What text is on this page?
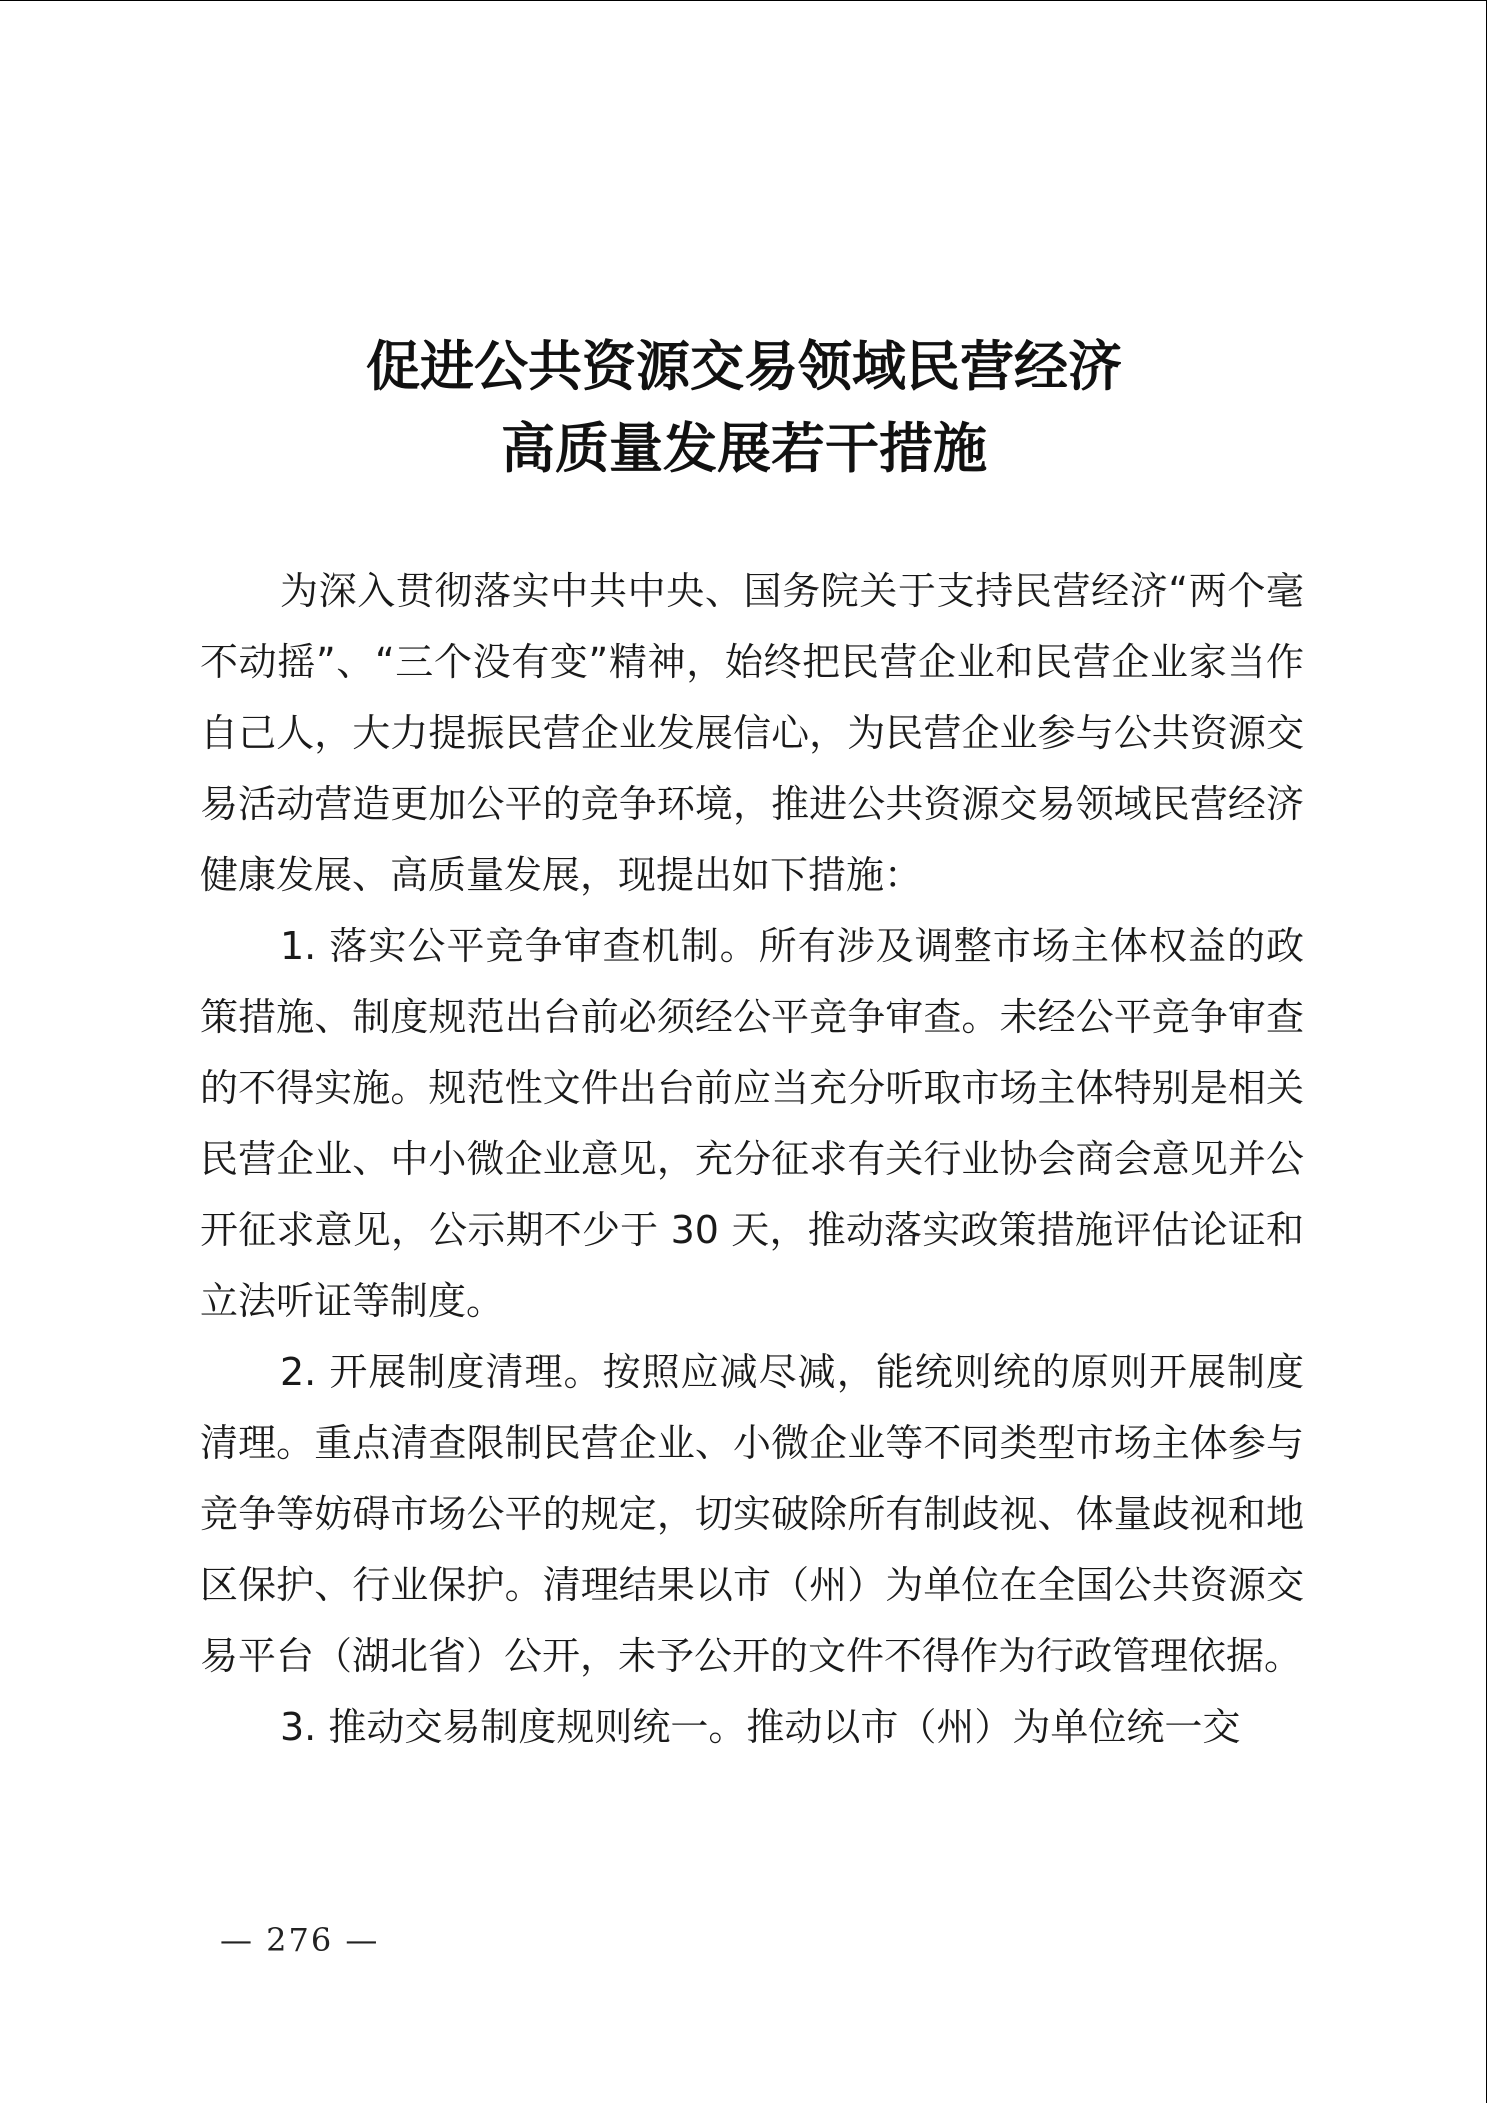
促进公共资源交易领域民营经济
高质量发展若干措施

为深入贯彻落实中共中央、国务院关于支持民营经济“两个毫不动摇”、“三个没有变”精神，始终把民营企业和民营企业家当作自己人，大力提振民营企业发展信心，为民营企业参与公共资源交易活动营造更加公平的竞争环境，推进公共资源交易领域民营经济健康发展、高质量发展，现提出如下措施：

1. 落实公平竞争审查机制。所有涉及调整市场主体权益的政策措施、制度规范出台前必须经公平竞争审查。未经公平竞争审查的不得实施。规范性文件出台前应当充分听取市场主体特别是相关民营企业、中小微企业意见，充分征求有关行业协会商会意见并公开征求意见，公示期不少于 30 天，推动落实政策措施评估论证和立法听证等制度。

2. 开展制度清理。按照应减尽减，能统则统的原则开展制度清理。重点清查限制民营企业、小微企业等不同类型市场主体参与竞争等妨碍市场公平的规定，切实破除所有制歧视、体量歧视和地区保护、行业保护。清理结果以市（州）为单位在全国公共资源交易平台（湖北省）公开，未予公开的文件不得作为行政管理依据。

3. 推动交易制度规则统一。推动以市（州）为单位统一交

— 276 —
